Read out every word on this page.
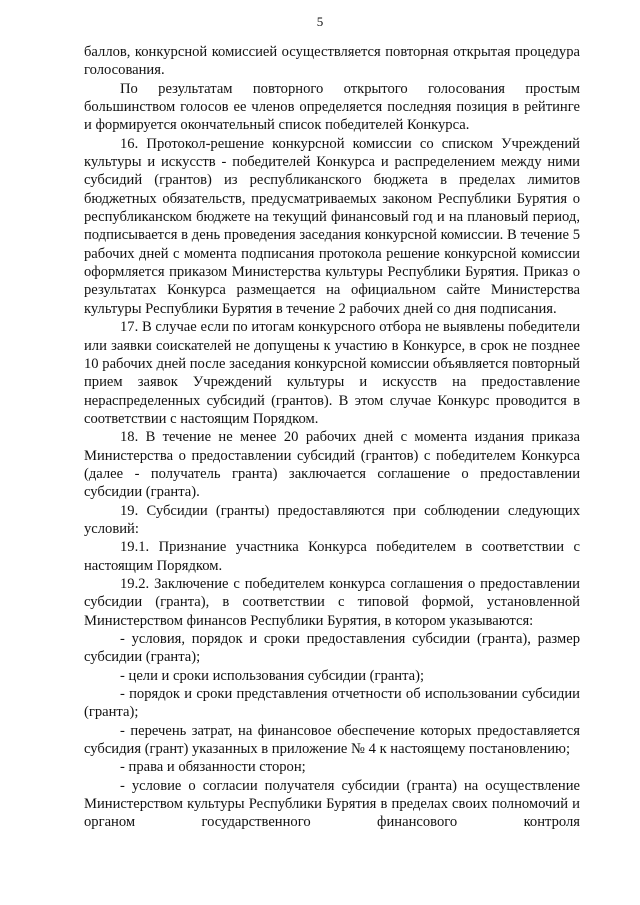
5

баллов, конкурсной комиссией осуществляется повторная открытая процедура голосования.

По результатам повторного открытого голосования простым большинством голосов ее членов определяется последняя позиция в рейтинге и формируется окончательный список победителей Конкурса.

16. Протокол-решение конкурсной комиссии со списком Учреждений культуры и искусств - победителей Конкурса и распределением между ними субсидий (грантов) из республиканского бюджета в пределах лимитов бюджетных обязательств, предусматриваемых законом Республики Бурятия о республиканском бюджете на текущий финансовый год и на плановый период, подписывается в день проведения заседания конкурсной комиссии. В течение 5 рабочих дней с момента подписания протокола решение конкурсной комиссии оформляется приказом Министерства культуры Республики Бурятия. Приказ о результатах Конкурса размещается на официальном сайте Министерства культуры Республики Бурятия в течение 2 рабочих дней со дня подписания.

17. В случае если по итогам конкурсного отбора не выявлены победители или заявки соискателей не допущены к участию в Конкурсе, в срок не позднее 10 рабочих дней после заседания конкурсной комиссии объявляется повторный прием заявок Учреждений культуры и искусств на предоставление нераспределенных субсидий (грантов). В этом случае Конкурс проводится в соответствии с настоящим Порядком.

18. В течение не менее 20 рабочих дней с момента издания приказа Министерства о предоставлении субсидий (грантов) с победителем Конкурса (далее - получатель гранта) заключается соглашение о предоставлении субсидии (гранта).

19. Субсидии (гранты) предоставляются при соблюдении следующих условий:

19.1. Признание участника Конкурса победителем в соответствии с настоящим Порядком.

19.2. Заключение с победителем конкурса соглашения о предоставлении субсидии (гранта), в соответствии с типовой формой, установленной Министерством финансов Республики Бурятия, в котором указываются:

- условия, порядок и сроки предоставления субсидии (гранта), размер субсидии (гранта);

- цели и сроки использования субсидии (гранта);

- порядок и сроки представления отчетности об использовании субсидии (гранта);

- перечень затрат, на финансовое обеспечение которых предоставляется субсидия (грант) указанных в приложение № 4 к настоящему постановлению;

- права и обязанности сторон;

- условие о согласии получателя субсидии (гранта) на осуществление Министерством культуры Республики Бурятия в пределах своих полномочий и органом государственного финансового контроля
